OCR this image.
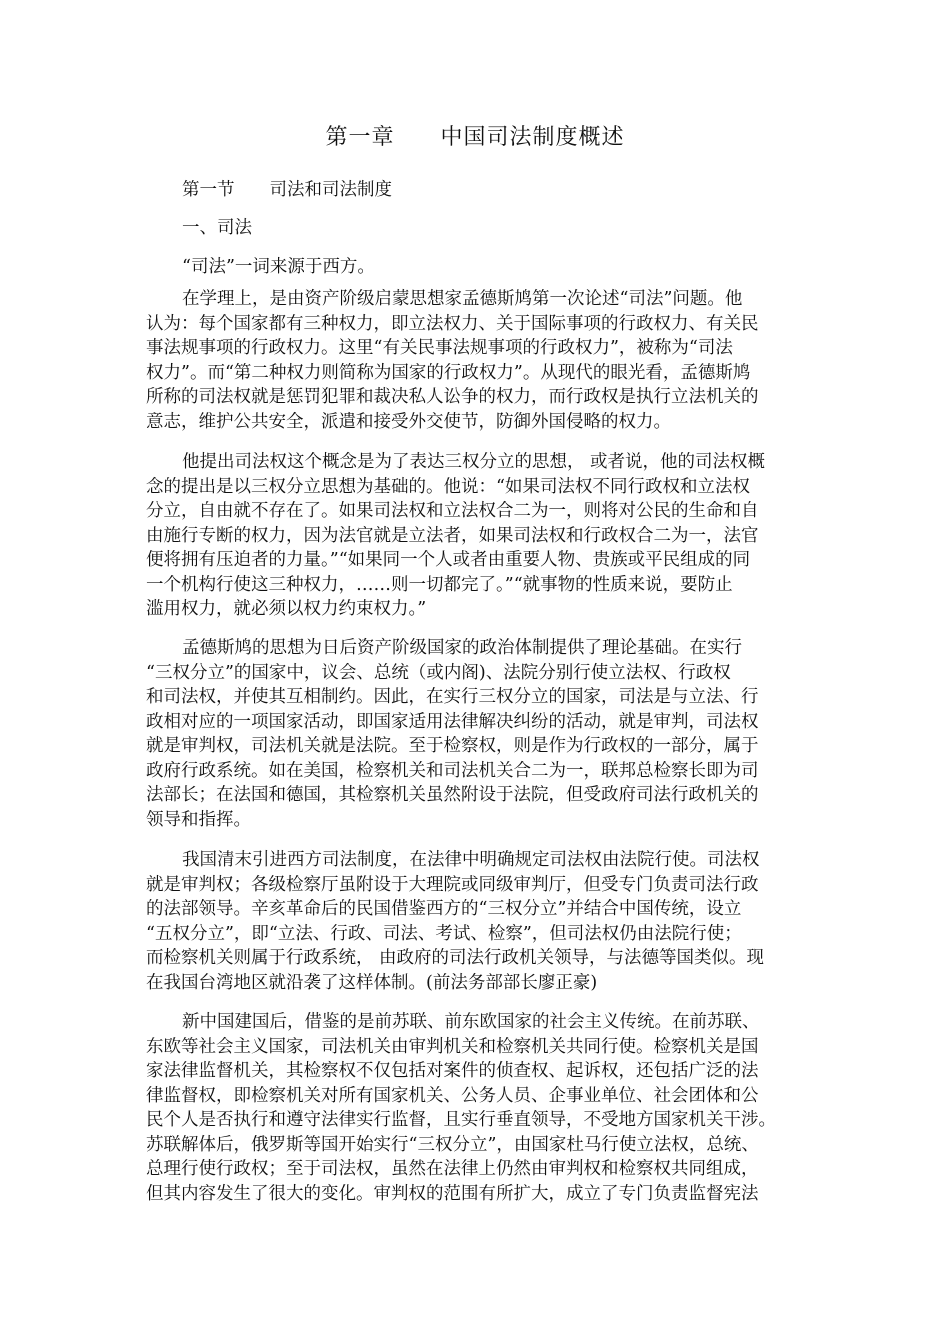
第一章　　中国司法制度概述
第一节　　司法和司法制度
一、司法
“司法”一词来源于西方。
在学理上，是由资产阶级启蒙思想家孟德斯鸠第一次论述“司法”问题。他
认为：每个国家都有三种权力，即立法权力、关于国际事项的行政权力、有关民
事法规事项的行政权力。这里“有关民事法规事项的行政权力”，被称为“司法
权力”。而“第二种权力则简称为国家的行政权力”。从现代的眼光看，孟德斯鸠
所称的司法权就是惩罚犯罪和裁决私人讼争的权力，而行政权是执行立法机关的
意志，维护公共安全，派遣和接受外交使节，防御外国侵略的权力。
他提出司法权这个概念是为了表达三权分立的思想， 或者说，他的司法权概
念的提出是以三权分立思想为基础的。他说：“如果司法权不同行政权和立法权
分立，自由就不存在了。如果司法权和立法权合二为一，则将对公民的生命和自
由施行专断的权力，因为法官就是立法者，如果司法权和行政权合二为一，法官
便将拥有压迫者的力量。”“如果同一个人或者由重要人物、贵族或平民组成的同
一个机构行使这三种权力，……则一切都完了。”“就事物的性质来说，要防止
滥用权力，就必须以权力约束权力。”
孟德斯鸠的思想为日后资产阶级国家的政治体制提供了理论基础。在实行
“三权分立”的国家中，议会、总统（或内阁)、法院分别行使立法权、行政权
和司法权，并使其互相制约。因此，在实行三权分立的国家，司法是与立法、行
政相对应的一项国家活动，即国家适用法律解决纠纷的活动，就是审判，司法权
就是审判权，司法机关就是法院。至于检察权，则是作为行政权的一部分，属于
政府行政系统。如在美国，检察机关和司法机关合二为一，联邦总检察长即为司
法部长；在法国和德国，其检察机关虽然附设于法院，但受政府司法行政机关的
领导和指挥。
我国清末引进西方司法制度，在法律中明确规定司法权由法院行使。司法权
就是审判权；各级检察厅虽附设于大理院或同级审判厅，但受专门负责司法行政
的法部领导。辛亥革命后的民国借鉴西方的“三权分立”并结合中国传统，设立
“五权分立”，即“立法、行政、司法、考试、检察”，但司法权仍由法院行使；
而检察机关则属于行政系统， 由政府的司法行政机关领导，与法德等国类似。现
在我国台湾地区就沿袭了这样体制。(前法务部部长廖正豪)
新中国建国后，借鉴的是前苏联、前东欧国家的社会主义传统。在前苏联、
东欧等社会主义国家，司法机关由审判机关和检察机关共同行使。检察机关是国
家法律监督机关，其检察权不仅包括对案件的侦查权、起诉权，还包括广泛的法
律监督权，即检察机关对所有国家机关、公务人员、企事业单位、社会团体和公
民个人是否执行和遵守法律实行监督，且实行垂直领导，不受地方国家机关干涉。
苏联解体后，俄罗斯等国开始实行“三权分立”，由国家杜马行使立法权，总统、
总理行使行政权；至于司法权，虽然在法律上仍然由审判权和检察权共同组成，
但其内容发生了很大的变化。审判权的范围有所扩大，成立了专门负责监督宪法
